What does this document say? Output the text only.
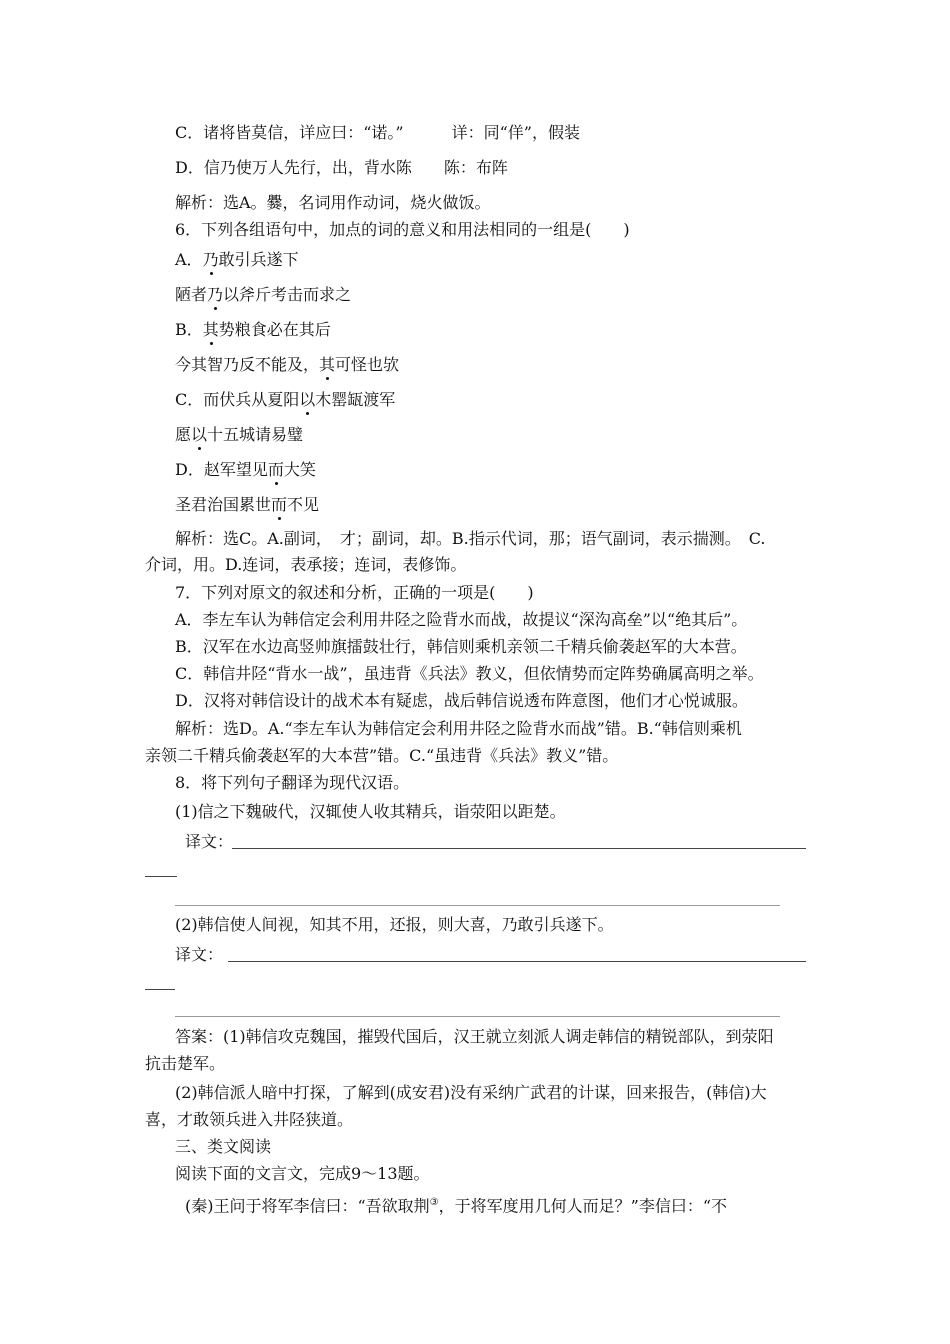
C．诸将皆莫信，详应曰：“诺。”　　　详：同“佯”，假装
D．信乃使万人先行，出，背水陈　　陈：布阵
解析：选A。爨，名词用作动词，烧火做饭。
6．下列各组语句中，加点的词的意义和用法相同的一组是(　　)
A．乃敢引兵遂下
陋者乃以斧斤考击而求之
B．其势粮食必在其后
今其智乃反不能及，其可怪也欤
C．而伏兵从夏阳以木罂缻渡军
愿以十五城请易璧
D．赵军望见而大笑
圣君治国累世而不见
解析：选C。A.副词，　才；副词，却。B.指示代词，那；语气副词，表示揣测。　C.
介词，用。D.连词，表承接；连词，表修饰。
7．下列对原文的叙述和分析，正确的一项是(　　)
A．李左车认为韩信定会利用井陉之险背水而战，故提议“深沟高垒”以“绝其后”。
B．汉军在水边高竖帅旗擂鼓壮行，韩信则乘机亲领二千精兵偷袭赵军的大本营。
C．韩信井陉“背水一战”，虽违背《兵法》教义，但依情势而定阵势确属高明之举。
D．汉将对韩信设计的战术本有疑虑，战后韩信说透布阵意图，他们才心悦诚服。
解析：选D。A.“李左车认为韩信定会利用井陉之险背水而战”错。B.“韩信则乘机
亲领二千精兵偷袭赵军的大本营”错。C.“虽违背《兵法》教义”错。
8．将下列句子翻译为现代汉语。
(1)信之下魏破代，汉辄使人收其精兵，诣荥阳以距楚。
译文：
(2)韩信使人间视，知其不用，还报，则大喜，乃敢引兵遂下。
译文：
答案：(1)韩信攻克魏国，摧毁代国后，汉王就立刻派人调走韩信的精锐部队，到荥阳
抗击楚军。
(2)韩信派人暗中打探，了解到(成安君)没有采纳广武君的计谋，回来报告，(韩信)大
喜，才敢领兵进入井陉狭道。
三、类文阅读
阅读下面的文言文，完成9～13题。
(秦)王问于将军李信曰：“吾欲取荆③，于将军度用几何人而足？”李信曰：“不
